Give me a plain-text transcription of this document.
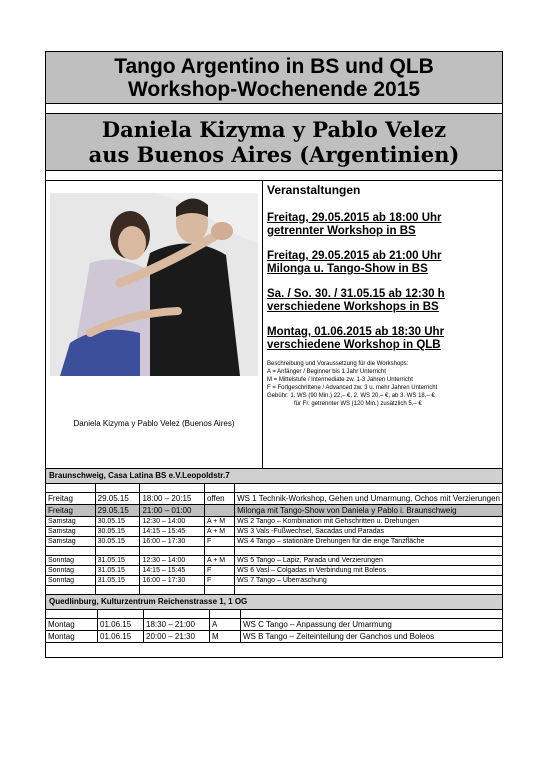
Tango Argentino in BS und QLB
Workshop-Wochenende 2015
Daniela Kizyma y Pablo Velez
aus Buenos Aires (Argentinien)
Daniela Kizyma y Pablo Velez (Buenos Aires)
Veranstaltungen
Freitag, 29.05.2015 ab 18:00 Uhr
getrennter Workshop in BS
Freitag, 29.05.2015 ab 21:00 Uhr
Milonga u. Tango-Show in BS
Sa. / So. 30. / 31.05.15 ab 12:30 h
verschiedene Workshops in BS
Montag, 01.06.2015 ab 18:30 Uhr
verschiedene Workshop in QLB
Beschreibung und Voraussetzung für die Workshops:
A = Anfänger / Beginner bis 1 Jahr Unterricht
M = Mittelstufe / Intermediate zw. 1-3 Jahren Unterricht
F = Fortgeschrittene / Advanced zw. 3 u. mehr Jahren Unterricht
Gebühr: 1. WS (90 Min.) 22,– €, 2. WS 20,– €, ab 3. WS 18,– €
für Fr. getrennter WS (120 Min.) zusätzlich 5,– €
Braunschweig, Casa Latina BS e.V.Leopoldstr.7

Freitag	29.05.15	18:00 – 20:15	offen	WS 1 Technik-Workshop, Gehen und Umarmung, Ochos mit Verzierungen
Freitag	29.05.15	21:00 – 01:00		Milonga mit Tango-Show von Daniela y Pablo i. Braunschweig
Samstag	30.05.15	12:30 – 14:00	A + M	WS 2 Tango – Kombination mit Gehschritten u. Drehungen
Samstag	30.05.15	14:15 – 15:45	A + M	WS 3 Vals -Fußwechsel, Sacadas und Paradas
Samstag	30.05.15	16:00 – 17:30	F	WS 4 Tango – stationäre Drehungen für die enge Tanzfläche

Sonntag	31.05.15	12:30 – 14:00	A + M	WS 5 Tango – Lapiz, Parada und Verzierungen
Sonntag	31.05.15	14:15 – 15:45	F	WS 6 Vasl – Colgadas in Verbindung mit Boleos
Sonntag	31.05.15	16:00 – 17:30	F	WS 7 Tango – Überraschung

Quedlinburg, Kulturzentrum Reichenstrasse 1, 1 OG

Montag	01.06.15	18:30 – 21:00	A	WS C Tango – Anpassung der Umarmung
Montag	01.06.15	20:00 – 21:30	M	WS B Tango – Zeiteinteilung der Ganchos und Boleos
